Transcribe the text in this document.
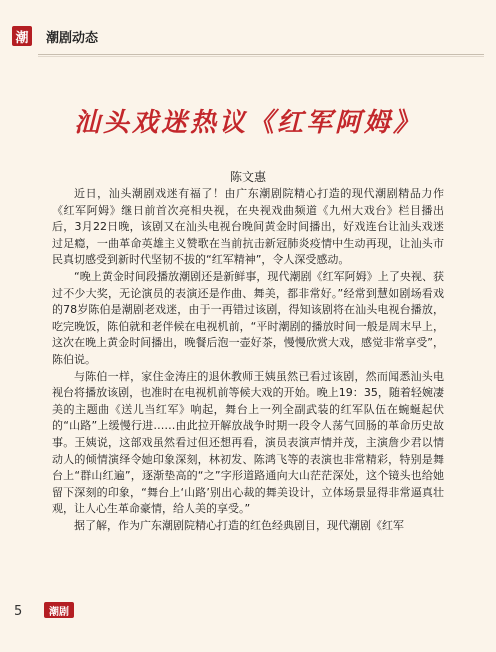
潮 潮剧动态
汕头戏迷热议《红军阿姆》
陈文惠

近日，汕头潮剧戏迷有福了！由广东潮剧院精心打造的现代潮剧精品力作《红军阿姆》继日前首次亮相央视，在央视戏曲频道《九州大戏台》栏目播出后，3月22日晚，该剧又在汕头电视台晚间黄金时间播出，好戏连台让汕头戏迷过足瘾，一曲革命英雄主义赞歌在当前抗击新冠肺炎疫情中生动再现，让汕头市民真切感受到新时代坚韧不拔的“红军精神”，令人深受感动。

“晚上黄金时间段播放潮剧还是新鲜事，现代潮剧《红军阿姆》上了央视、获过不少大奖，无论演员的表演还是作曲、舞美，都非常好。”经常到慧如剧场看戏的78岁陈伯是潮剧老戏迷，由于一再错过该剧，得知该剧将在汕头电视台播放，吃完晚饭，陈伯就和老伴候在电视机前，“平时潮剧的播放时间一般是周末早上，这次在晚上黄金时间播出，晚餐后泡一壶好茶，慢慢欣赏大戏，感觉非常享受”，陈伯说。

与陈伯一样，家住金涛庄的退休教师王姨虽然已看过该剧，然而闻悉汕头电视台将播放该剧，也准时在电视机前等候大戏的开始。晚上19：35，随着轻婉凄美的主题曲《送儿当红军》响起，舞台上一列全副武装的红军队伍在蜿蜒起伏的“山路”上缓慢行进……由此拉开解放战争时期一段令人荡气回肠的革命历史故事。王姨说，这部戏虽然看过但还想再看，演员表演声情并茂，主演詹少君以情动人的倾情演绎令她印象深刻，林初发、陈鸿飞等的表演也非常精彩，特别是舞台上“群山红遍”，逐渐垫高的“之”字形道路通向大山茫茫深处，这个镜头也给她留下深刻的印象，“舞台上‘山路’别出心裁的舞美设计，立体场景显得非常逼真壮观，让人心生革命豪情，给人美的享受。”

据了解，作为广东潮剧院精心打造的红色经典剧目，现代潮剧《红军

5	潮剧
